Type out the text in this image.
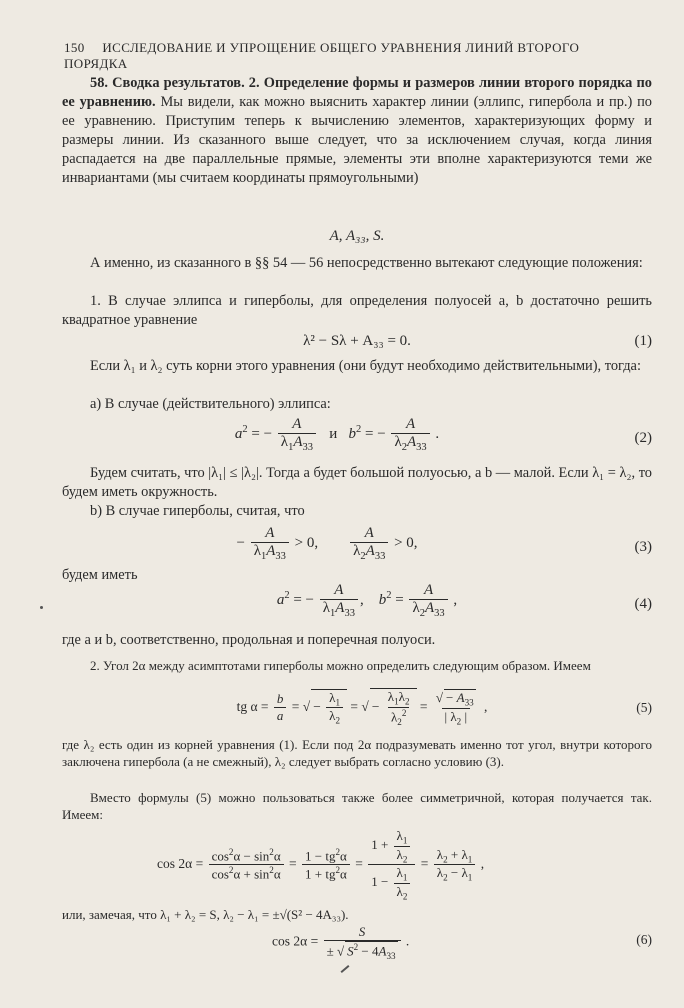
150 ИССЛЕДОВАНИЕ И УПРОЩЕНИЕ ОБЩЕГО УРАВНЕНИЯ ЛИНИЙ ВТОРОГО ПОРЯДКА
58. Сводка результатов. 2. Определение формы и размеров линии второго порядка по ее уравнению. Мы видели, как можно выяснить характер линии (эллипс, гипербола и пр.) по ее уравнению. Приступим теперь к вычислению элементов, характеризующих форму и размеры линии. Из сказанного выше следует, что за исключением случая, когда линия распадается на две параллельные прямые, элементы эти вполне характеризуются теми же инвариантами (мы считаем координаты прямоугольными)
A, A₃₃, S.
А именно, из сказанного в §§ 54 — 56 непосредственно вытекают следующие положения:
1. В случае эллипса и гиперболы, для определения полуосей a, b достаточно решить квадратное уравнение
λ² − Sλ + A₃₃ = 0.	(1)
Если λ₁ и λ₂ суть корни этого уравнения (они будут необходимо действительными), тогда:
а) В случае (действительного) эллипса:
$a^2$ = − $\frac{A}{\lambda_1A_{33}}$ и   $b^2$ = − $\frac{A}{\lambda_2A_{33}}$ .	(2)
Будем считать, что |λ₁| ≤ |λ₂|. Тогда a будет большой полуосью, а b — малой. Если λ₁ = λ₂, то будем иметь окружность.
b) В случае гиперболы, считая, что
− $\frac{A}{\lambda_1A_{33}} > 0$, $\frac{A}{\lambda_2A_{33}} > 0$,	(3)
будем иметь
$a^2$ = − $\frac{A}{\lambda_1A_{33}}$ ,    $b^2 = \frac{A}{\lambda_2A_{33}}$ ,	(4)
где a и b, соответственно, продольная и поперечная полуоси.
2. Угол 2α между асимптотами гиперболы можно определить следующим образом. Имеем
tg $\alpha = \frac{b}{a}$ = √ − $\frac{\lambda_1}{\lambda_2}$ = √ − $\frac{\lambda_1\lambda_2}{\lambda_2^2} = \frac{√ - A_{33}}{| \lambda_2 |}$ ,	(5)
где λ₂ есть один из корней уравнения (1). Если под 2α подразумевать именно тот угол, внутри которого заключена гипербола (а не смежный), λ₂ следует выбрать согласно условию (3).
Вместо формулы (5) можно пользоваться также более симметричной, которая получается так. Имеем:
$\cos 2\alpha = \frac{\cos^2\alpha - \sin^2\alpha}{\cos^2\alpha + \sin^2\alpha} = \frac{1 - tg^2\alpha}{1 + tg^2\alpha} = \frac{1 + \frac{\lambda_1}{\lambda_2}}{1 - \frac{\lambda_1}{\lambda_2}} = \frac{\lambda_2 + \lambda_1}{\lambda_2 - \lambda_1}$ ,
или, замечая, что λ₁ + λ₂ = S, λ₂ − λ₁ = ±√(S² − 4A₃₃).
$\cos 2\alpha = \frac{S}{\pm √ S^2 - 4A_{33}}$ .	(6)
